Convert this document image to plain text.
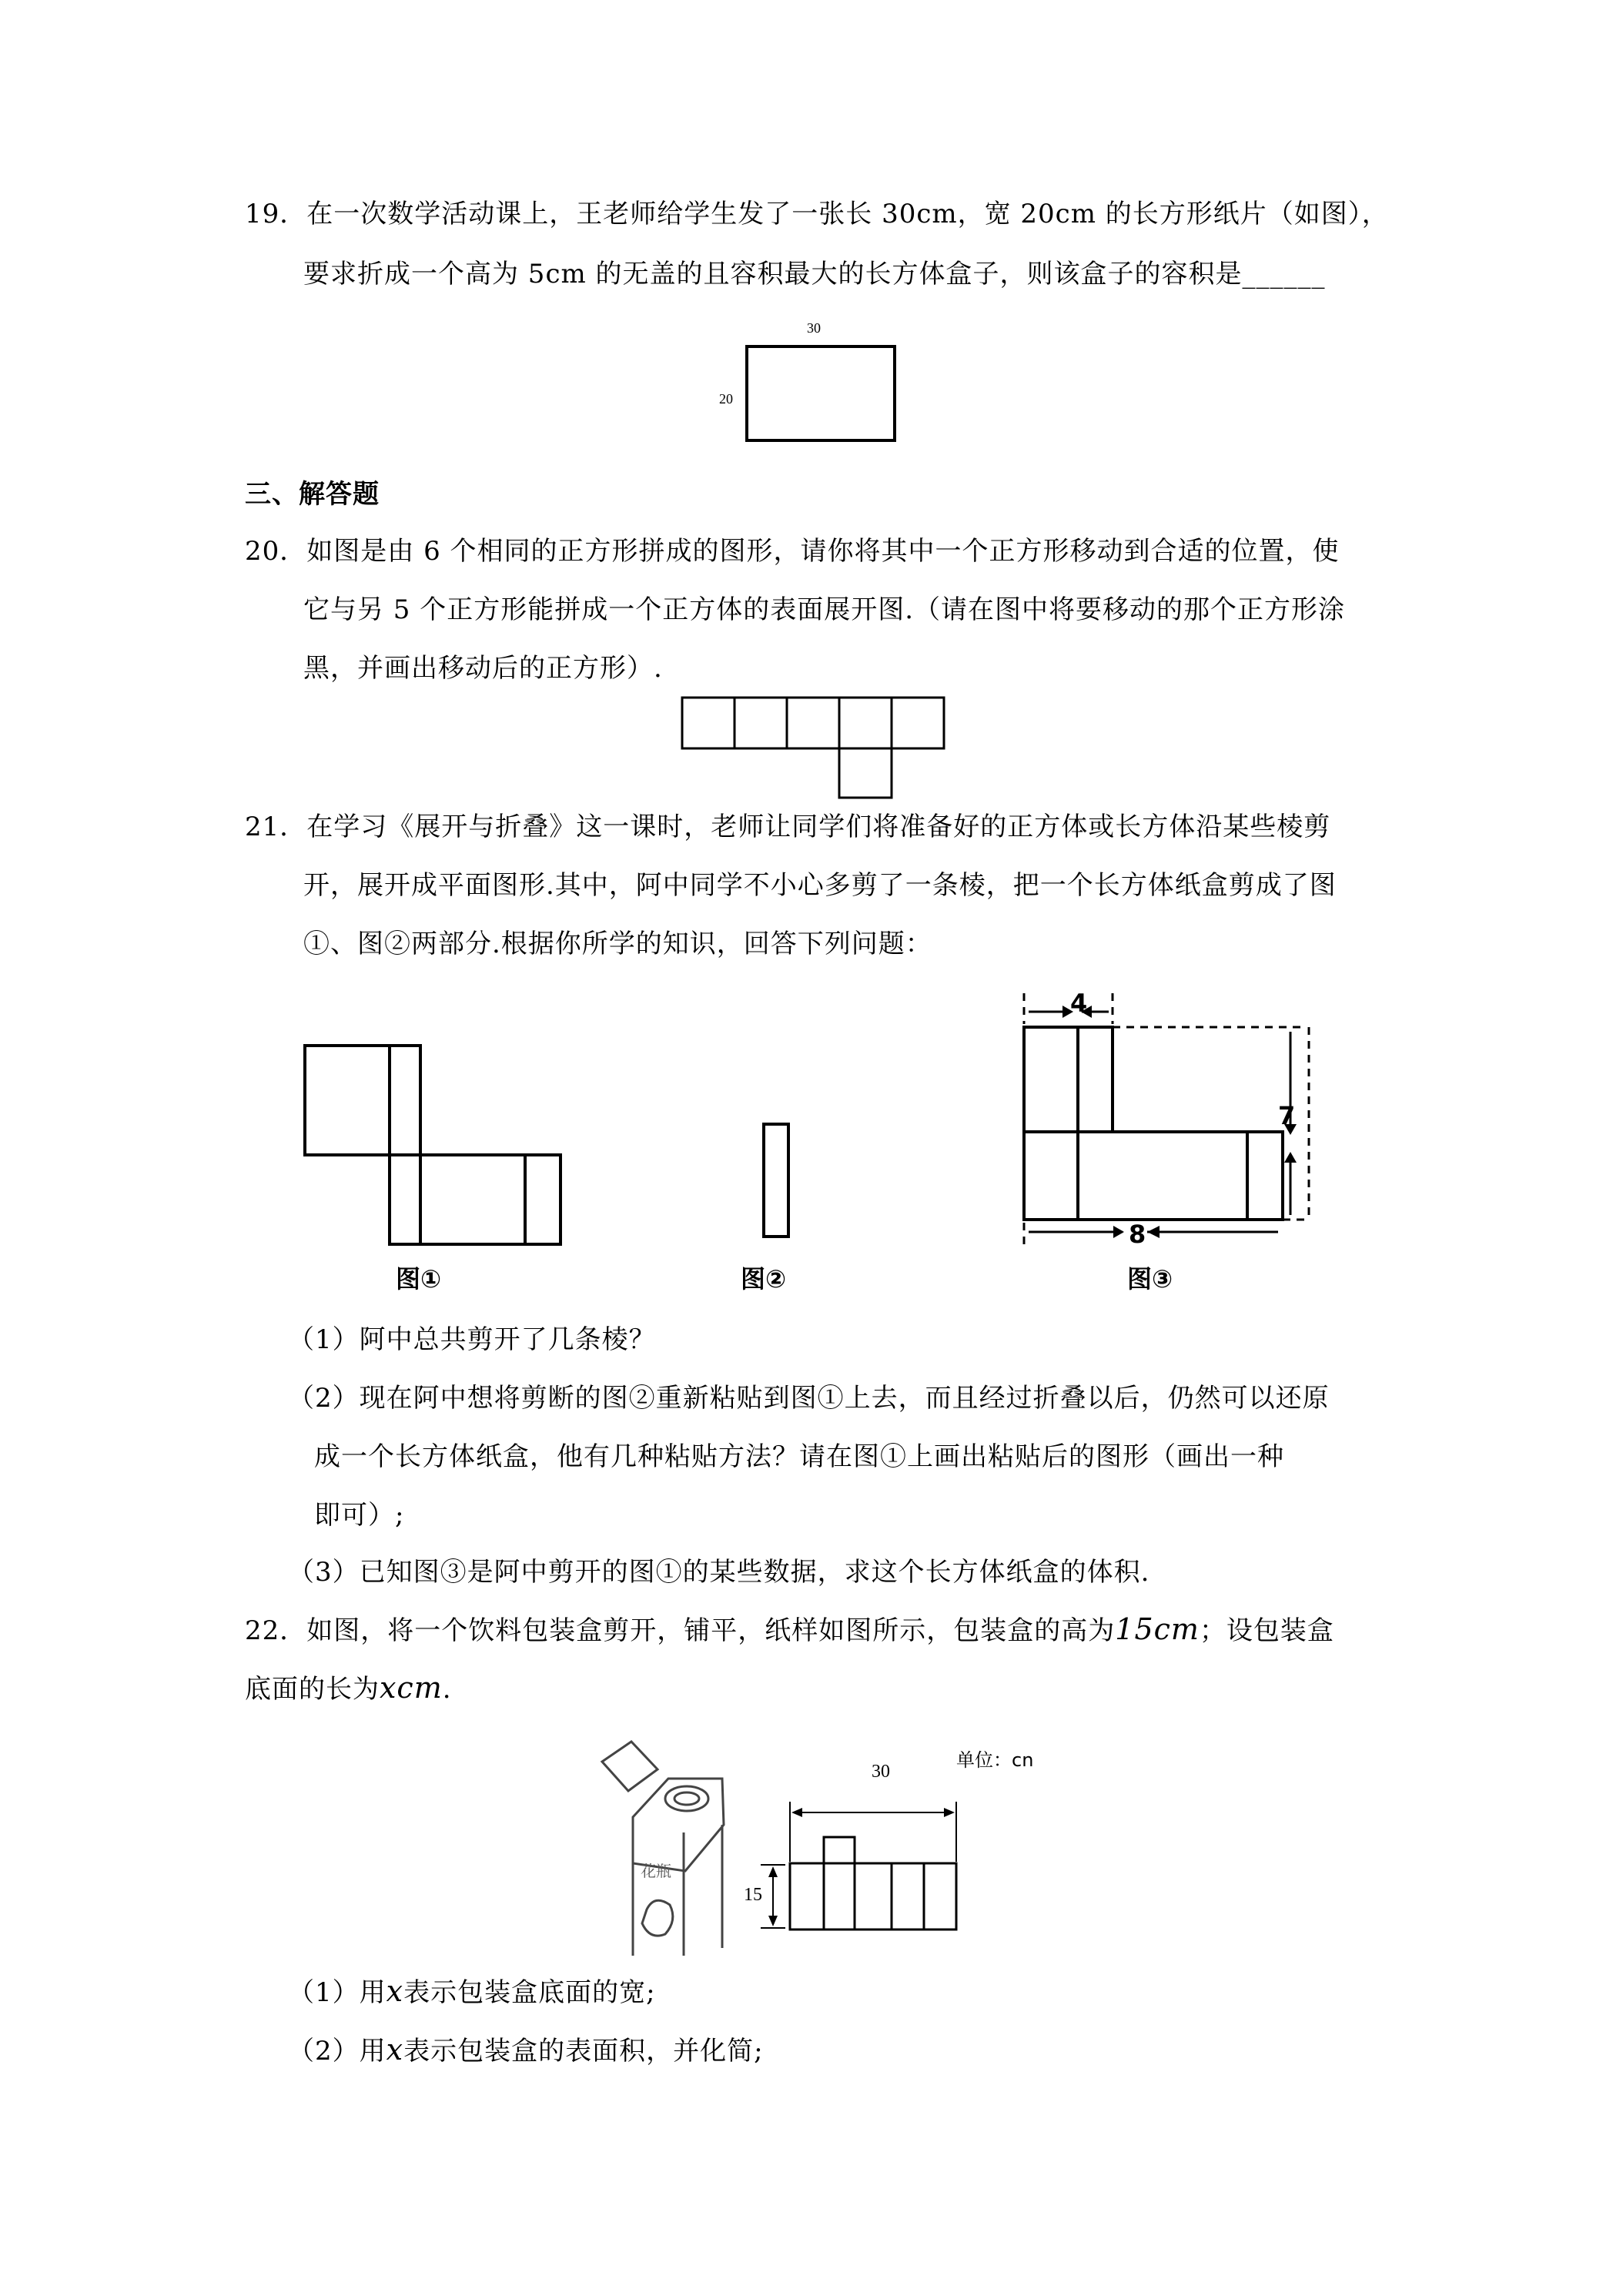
19．在一次数学活动课上，王老师给学生发了一张长 30cm，宽 20cm 的长方形纸片（如图），
要求折成一个高为 5cm 的无盖的且容积最大的长方体盒子，则该盒子的容积是______
30
20
三、解答题
20．如图是由 6 个相同的正方形拼成的图形，请你将其中一个正方形移动到合适的位置，使
它与另 5 个正方形能拼成一个正方体的表面展开图.（请在图中将要移动的那个正方形涂
黑，并画出移动后的正方形）.
21．在学习《展开与折叠》这一课时，老师让同学们将准备好的正方体或长方体沿某些棱剪
开，展开成平面图形.其中，阿中同学不小心多剪了一条棱，把一个长方体纸盒剪成了图
①、图②两部分.根据你所学的知识，回答下列问题：
图①	图②
4
7
8
图③
（1）阿中总共剪开了几条棱？
（2）现在阿中想将剪断的图②重新粘贴到图①上去，而且经过折叠以后，仍然可以还原
成一个长方体纸盒，他有几种粘贴方法？请在图①上画出粘贴后的图形（画出一种
即可）;
（3）已知图③是阿中剪开的图①的某些数据，求这个长方体纸盒的体积.
22．如图，将一个饮料包装盒剪开，铺平，纸样如图所示，包装盒的高为15cm；设包装盒
底面的长为xcm.
30
15
单位：cn
花瓶
（1）用x表示包装盒底面的宽;
（2）用x表示包装盒的表面积，并化简;
